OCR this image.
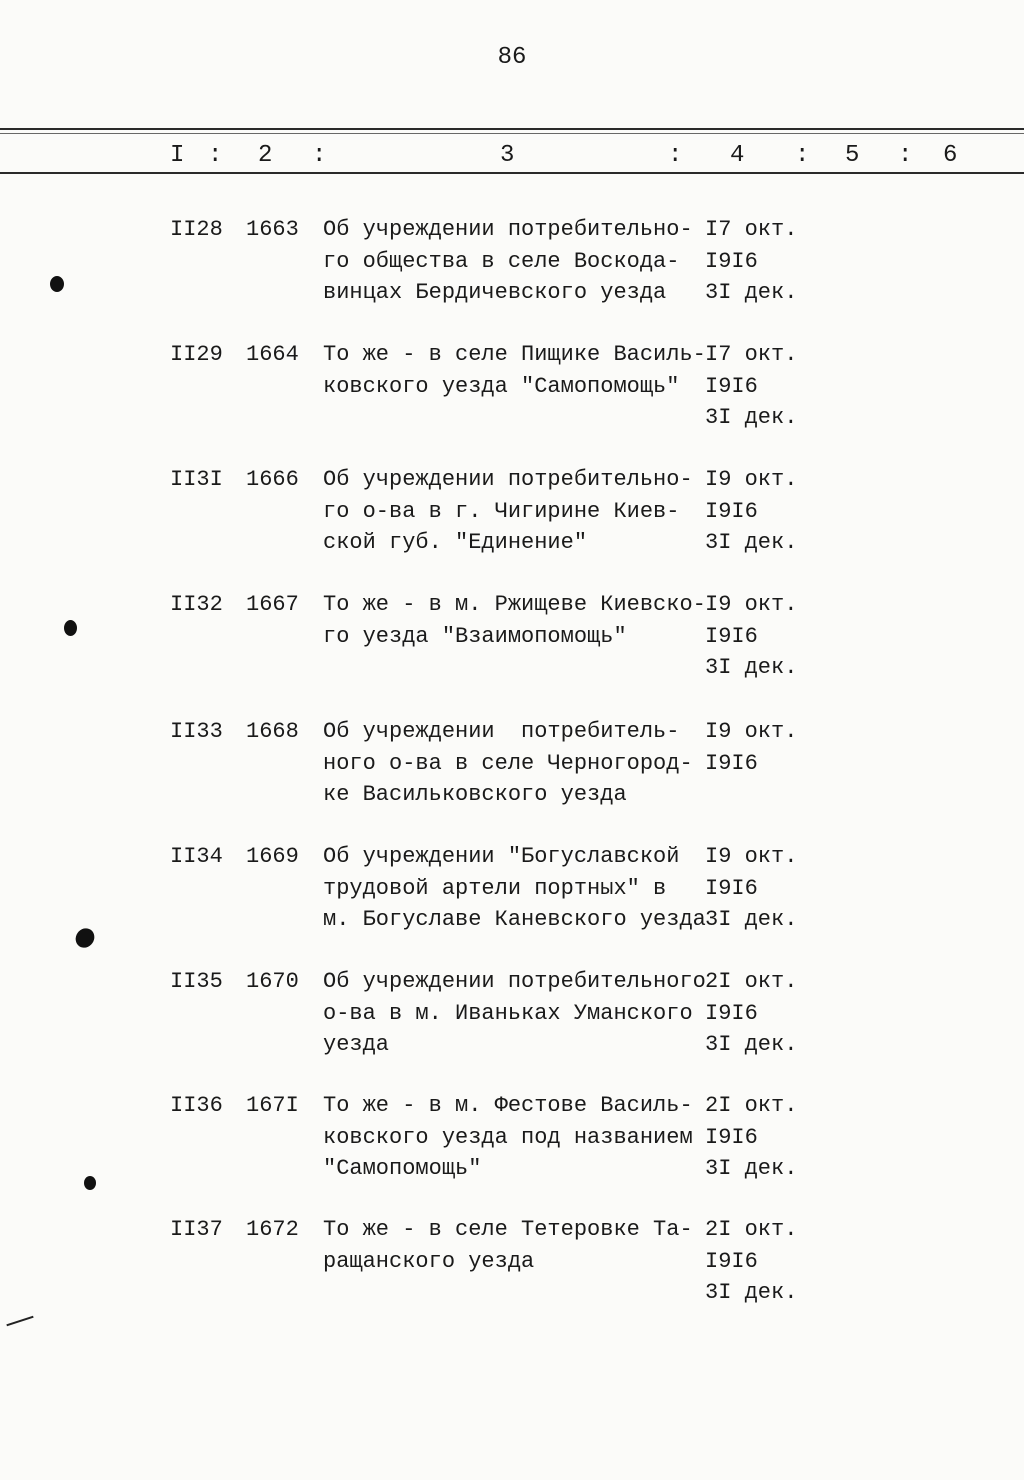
86
I : 2 :	3	: 4 : 5 : 6
II28 1663 Об учреждении потребительно-
го общества в селе Воскода-
винцах Бердичевского уезда
I7 окт.
I9I6
3I дек.
II29 1664 То же - в селе Пищике Василь-
ковского уезда "Самопомощь"
I7 окт.
I9I6
3I дек.
II3I 1666 Об учреждении потребительно-
го о-ва в г. Чигирине Киев-
ской губ. "Единение"
I9 окт.
I9I6
3I дек.
II32 1667 То же - в м. Ржищеве Киевско-
го уезда "Взаимопомощь"
I9 окт.
I9I6
3I дек.
II33 1668 Об учреждении  потребитель-
ного о-ва в селе Черногород-
ке Васильковского уезда
I9 окт.
I9I6
II34 1669 Об учреждении "Богуславской
трудовой артели портных" в
м. Богуславе Каневского уезда
I9 окт.
I9I6
3I дек.
II35 1670 Об учреждении потребительного
о-ва в м. Иваньках Уманского
уезда
2I окт.
I9I6
3I дек.
II36 167I То же - в м. Фестове Василь-
ковского уезда под названием
"Самопомощь"
2I окт.
I9I6
3I дек.
II37 1672 То же - в селе Тетеровке Та-
ращанского уезда
2I окт.
I9I6
3I дек.
